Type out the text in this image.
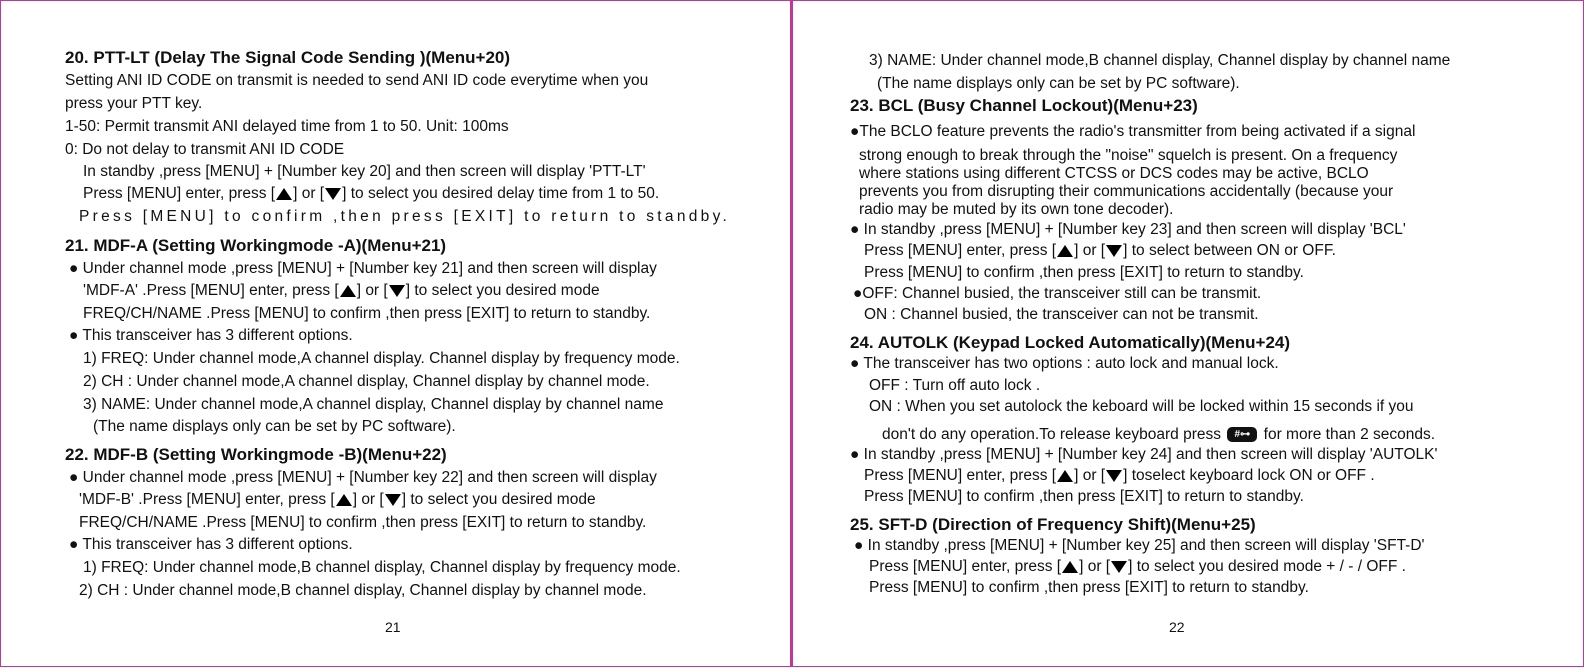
20. PTT-LT (Delay The Signal Code Sending )(Menu+20)
Setting ANI ID CODE on transmit is needed to send ANI ID code everytime when you
press your PTT key.
1-50: Permit transmit ANI delayed time from 1 to 50. Unit: 100ms
0: Do not delay to transmit ANI ID CODE
In standby ,press [MENU] + [Number key 20] and then screen will display 'PTT-LT'
Press [MENU] enter, press [ ] or [ ] to select you desired delay time from 1 to 50.
Press [MENU] to confirm ,then press [EXIT] to return to standby.
21. MDF-A (Setting Workingmode -A)(Menu+21)
● Under channel mode ,press [MENU] + [Number key 21] and then screen will display
'MDF-A' .Press [MENU] enter, press [ ] or [ ] to select you desired mode
FREQ/CH/NAME .Press [MENU] to confirm ,then press [EXIT] to return to standby.
● This transceiver has 3 different options.
1) FREQ: Under channel mode,A channel display. Channel display by frequency mode.
2) CH : Under channel mode,A channel display, Channel display by channel mode.
3) NAME: Under channel mode,A channel display, Channel display by channel name
(The name displays only can be set by PC software).
22. MDF-B (Setting Workingmode -B)(Menu+22)
● Under channel mode ,press [MENU] + [Number key 22] and then screen will display
'MDF-B' .Press [MENU] enter, press [ ] or [ ] to select you desired mode
FREQ/CH/NAME .Press [MENU] to confirm ,then press [EXIT] to return to standby.
● This transceiver has 3 different options.
1) FREQ: Under channel mode,B channel display, Channel display by frequency mode.
2) CH : Under channel mode,B channel display, Channel display by channel mode.
21
3) NAME: Under channel mode,B channel display, Channel display by channel name
(The name displays only can be set by PC software).
23. BCL (Busy Channel Lockout)(Menu+23)
●The BCLO feature prevents the radio's transmitter from being activated if a signal
strong enough to break through the "noise" squelch is present. On a frequency
where stations using different CTCSS or DCS codes may be active, BCLO
prevents you from disrupting their communications accidentally (because your
radio may be muted by its own tone decoder).
● In standby ,press [MENU] + [Number key 23] and then screen will display 'BCL'
Press [MENU] enter, press [ ] or [ ] to select between ON or OFF.
Press [MENU] to confirm ,then press [EXIT] to return to standby.
●OFF: Channel busied, the transceiver still can be transmit.
ON : Channel busied, the transceiver can not be transmit.
24. AUTOLK (Keypad Locked Automatically)(Menu+24)
● The transceiver has two options : auto lock and manual lock.
OFF : Turn off auto lock .
ON : When you set autolock the keboard will be locked within 15 seconds if you
don't do any operation.To release keyboard press #⊶ for more than 2 seconds.
● In standby ,press [MENU] + [Number key 24] and then screen will display 'AUTOLK'
Press [MENU] enter, press [ ] or [ ] toselect keyboard lock ON or OFF .
Press [MENU] to confirm ,then press [EXIT] to return to standby.
25. SFT-D (Direction of Frequency Shift)(Menu+25)
● In standby ,press [MENU] + [Number key 25] and then screen will display 'SFT-D'
Press [MENU] enter, press [ ] or [ ] to select you desired mode + / - / OFF .
Press [MENU] to confirm ,then press [EXIT] to return to standby.
22
